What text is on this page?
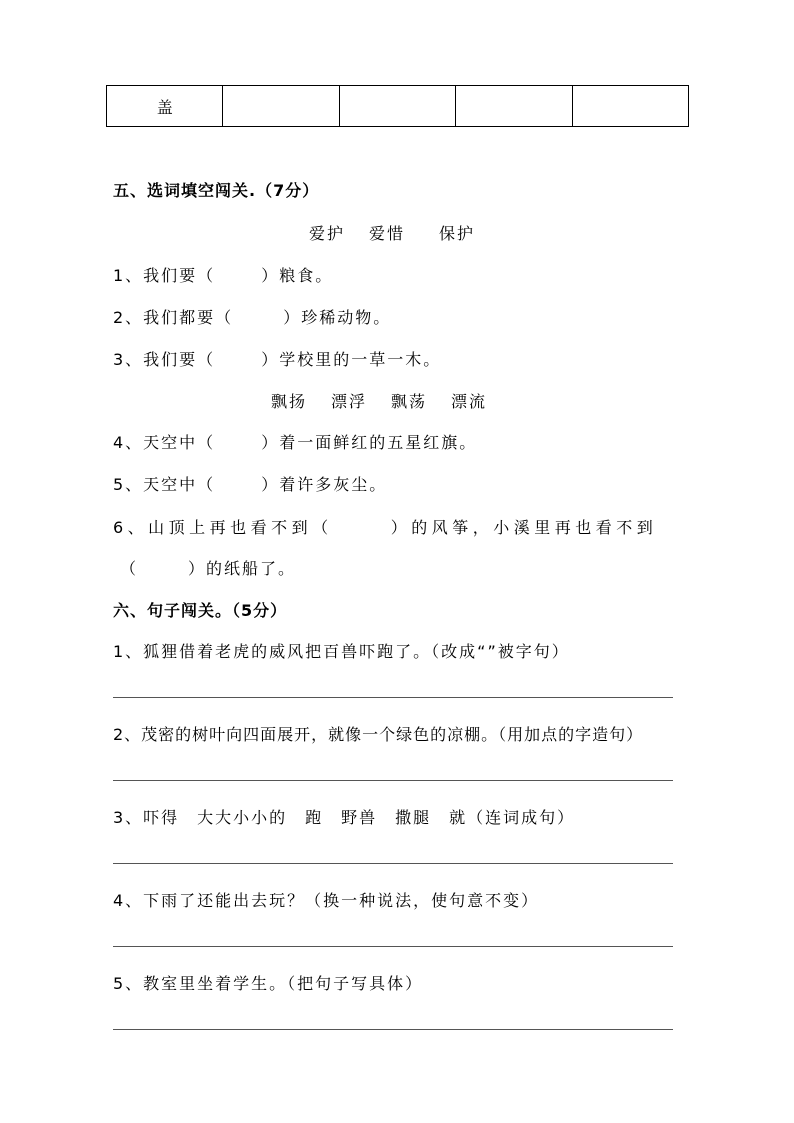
盖				
五、选词填空闯关.（7分）
爱护 爱惜 保护
1、我们要（	）粮食。
2、我们都要（	）珍稀动物。
3、我们要（	）学校里的一草一木。
飘扬 漂浮 飘荡 漂流
4、天空中（	）着一面鲜红的五星红旗。
5、天空中（	）着许多灰尘。
6、山顶上再也看不到（	）的风筝，小溪里再也看不到
（	）的纸船了。
六、句子闯关。（5分）
1、狐狸借着老虎的威风把百兽吓跑了。（改成“”被字句）
2、茂密的树叶向四面展开，就像一个绿色的凉棚。（用加点的字造句）
3、吓得　大大小小的　跑　野兽　撒腿　就（连词成句）
4、下雨了还能出去玩？（换一种说法，使句意不变）
5、教室里坐着学生。（把句子写具体）
